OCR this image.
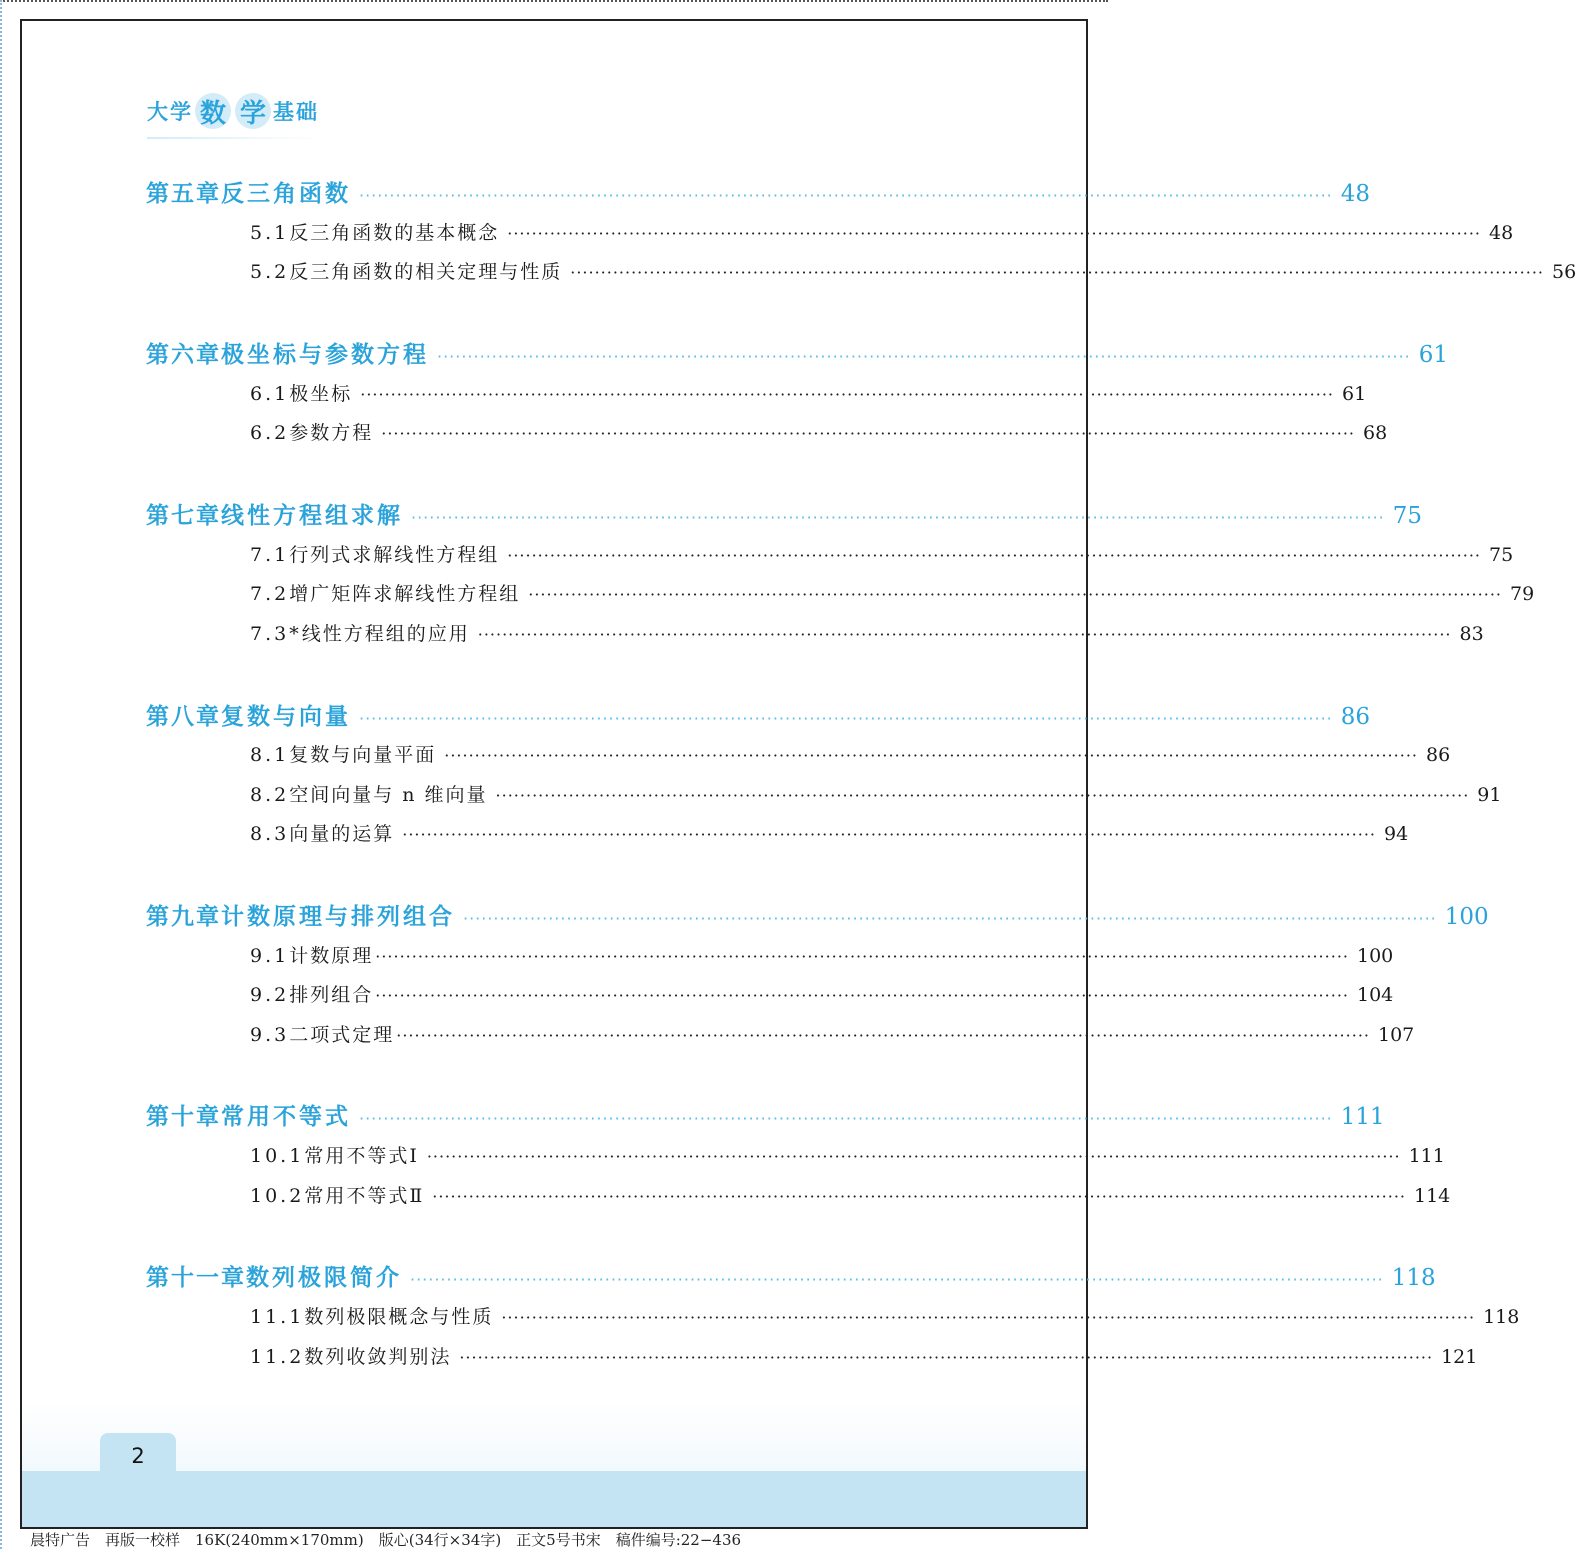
2
大 学 数 学 基 础
第五章 反三角函数 ································································································································································ 48
5.1 反三角函数的基本概念 ································································································································································ 48
5.2 反三角函数的相关定理与性质 ································································································································································ 56
第六章 极坐标与参数方程 ································································································································································ 61
6.1 极坐标 ································································································································································ 61
6.2 参数方程 ································································································································································ 68
第七章 线性方程组求解 ································································································································································ 75
7.1 行列式求解线性方程组 ································································································································································ 75
7.2 增广矩阵求解线性方程组 ································································································································································ 79
7.3* 线性方程组的应用 ································································································································································ 83
第八章 复数与向量 ································································································································································ 86
8.1 复数与向量平面 ································································································································································ 86
8.2 空间向量与 n 维向量 ································································································································································ 91
8.3 向量的运算 ································································································································································ 94
第九章 计数原理与排列组合 ································································································································································ 100
9.1 计数原理 ································································································································································ 100
9.2 排列组合 ································································································································································ 104
9.3 二项式定理 ································································································································································ 107
第十章 常用不等式 ································································································································································ 111
10.1 常用不等式Ⅰ ································································································································································ 111
10.2 常用不等式Ⅱ ································································································································································ 114
第十一章 数列极限简介 ································································································································································ 118
11.1 数列极限概念与性质 ································································································································································ 118
11.2 数列收敛判别法 ································································································································································ 121
晨特广告　再版一校样　16K(240mm×170mm)　版心(34行×34字)　正文5号书宋　稿件编号:22−436
